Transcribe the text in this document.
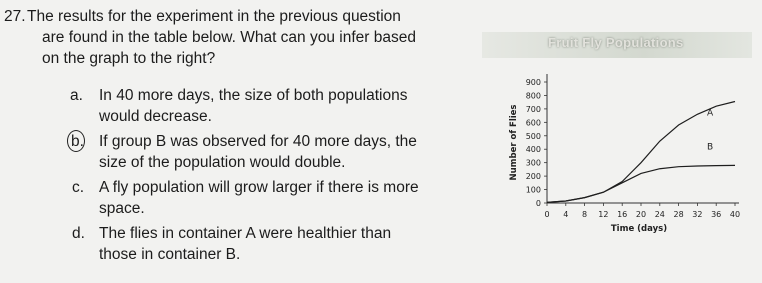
27. The results for the experiment in the previous question
are found in the table below. What can you infer based
on the graph to the right?
a. In 40 more days, the size of both populations
would decrease.
b. If group B was observed for 40 more days, the
size of the population would double.
c. A fly population will grow larger if there is more
space.
d. The flies in container A were healthier than
those in container B.
Fruit Fly Populations
0
100
200
300
400
500
600
700
800
900
0 4 8 12 16 20 24 28 32 36 40
Time (days)
Number of Flies	A
B
